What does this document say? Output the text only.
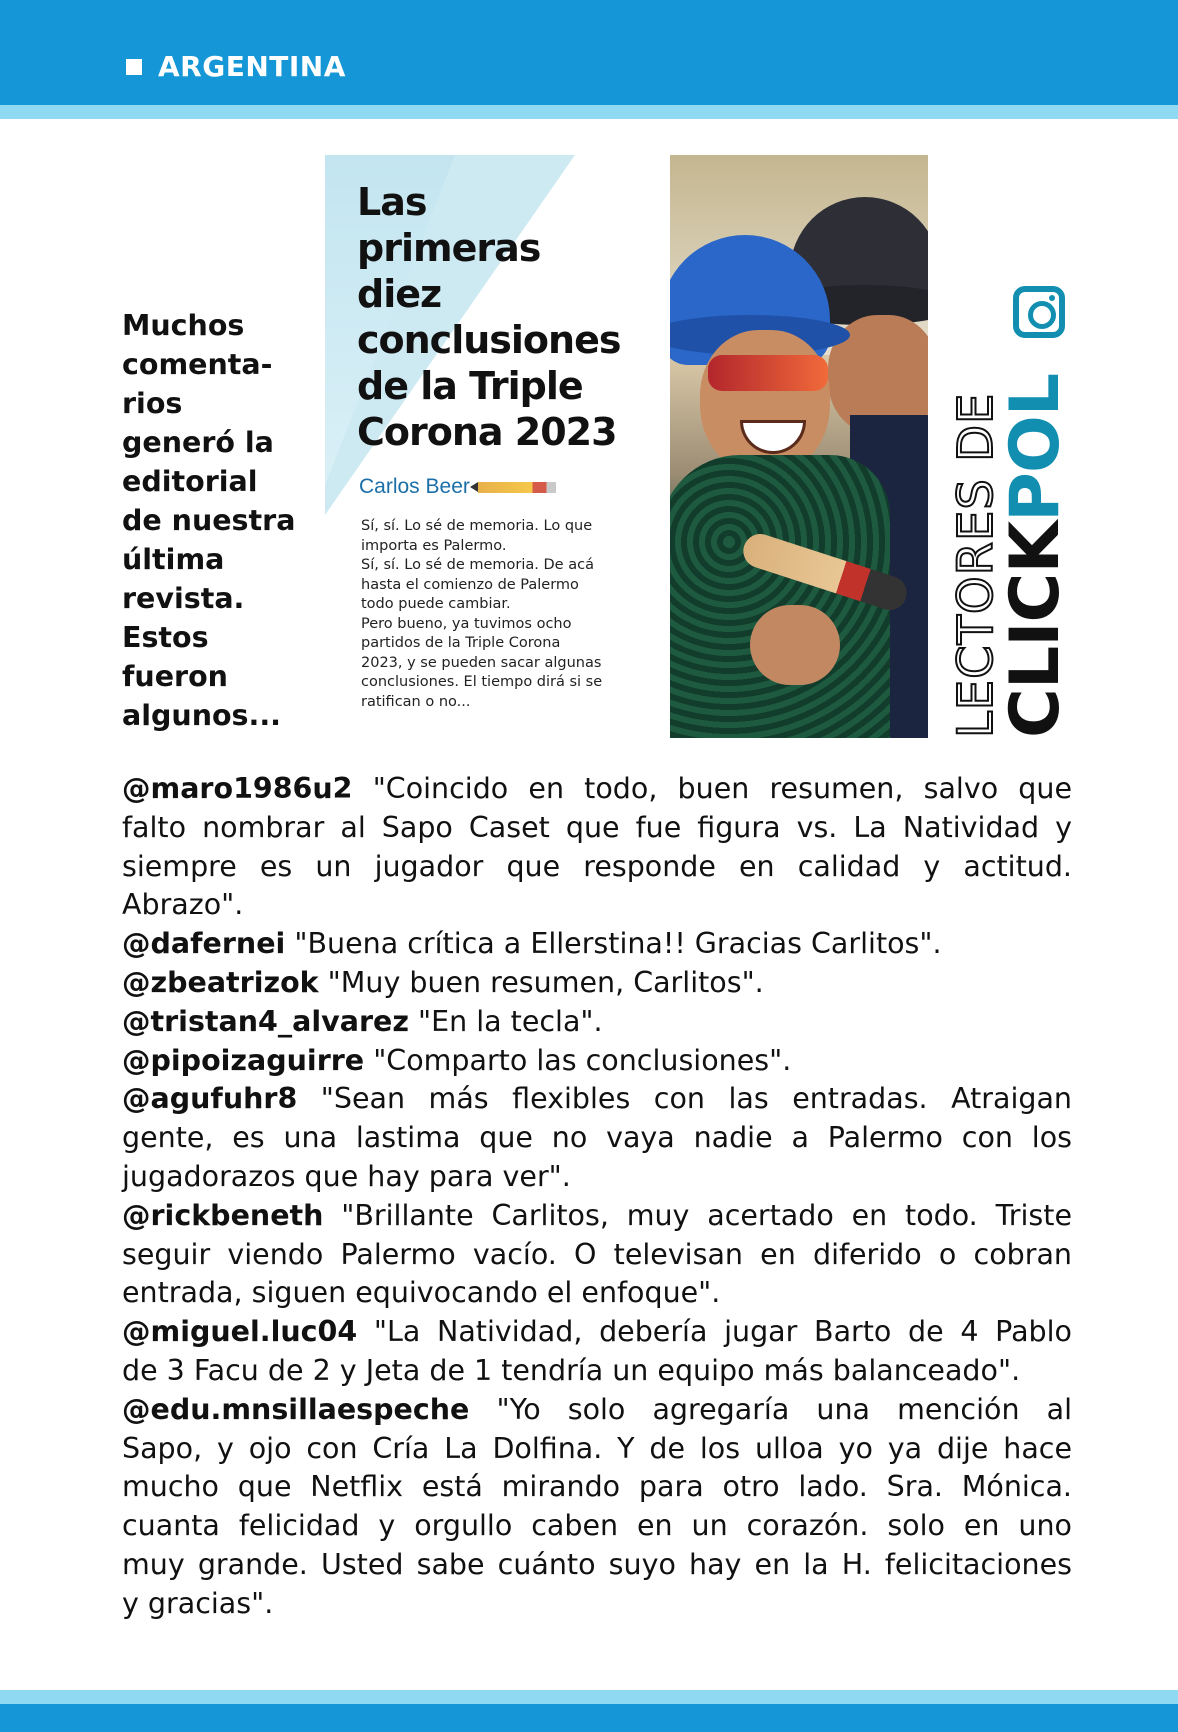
ARGENTINA
Muchos
comenta-
rios
generó la
editorial
de nuestra
última
revista.
Estos
fueron
algunos...
Las
primeras
diez
conclusiones
de la Triple
Corona 2023
Carlos Beer
Sí, sí. Lo sé de memoria. Lo que
importa es Palermo.
Sí, sí. Lo sé de memoria. De acá
hasta el comienzo de Palermo
todo puede cambiar.
Pero bueno, ya tuvimos ocho
partidos de la Triple Corona
2023, y se pueden sacar algunas
conclusiones. El tiempo dirá si se
ratifican o no...	LECTORES DE
CLICKPOL
@maro1986u2 "Coincido en todo, buen resumen, salvo que
falto nombrar al Sapo Caset que fue figura vs. La Natividad y
siempre es un jugador que responde en calidad y actitud.
Abrazo".
@dafernei "Buena crítica a Ellerstina!! Gracias Carlitos".
@zbeatrizok "Muy buen resumen, Carlitos".
@tristan4_alvarez "En la tecla".
@pipoizaguirre "Comparto las conclusiones".
@agufuhr8 "Sean más flexibles con las entradas. Atraigan
gente, es una lastima que no vaya nadie a Palermo con los
jugadorazos que hay para ver".
@rickbeneth "Brillante Carlitos, muy acertado en todo. Triste
seguir viendo Palermo vacío. O televisan en diferido o cobran
entrada, siguen equivocando el enfoque".
@miguel.luc04 "La Natividad, debería jugar Barto de 4 Pablo
de 3 Facu de 2 y Jeta de 1 tendría un equipo más balanceado".
@edu.mnsillaespeche "Yo solo agregaría una mención al
Sapo, y ojo con Cría La Dolfina. Y de los ulloa yo ya dije hace
mucho que Netflix está mirando para otro lado. Sra. Mónica.
cuanta felicidad y orgullo caben en un corazón. solo en uno
muy grande. Usted sabe cuánto suyo hay en la H. felicitaciones
y gracias".
